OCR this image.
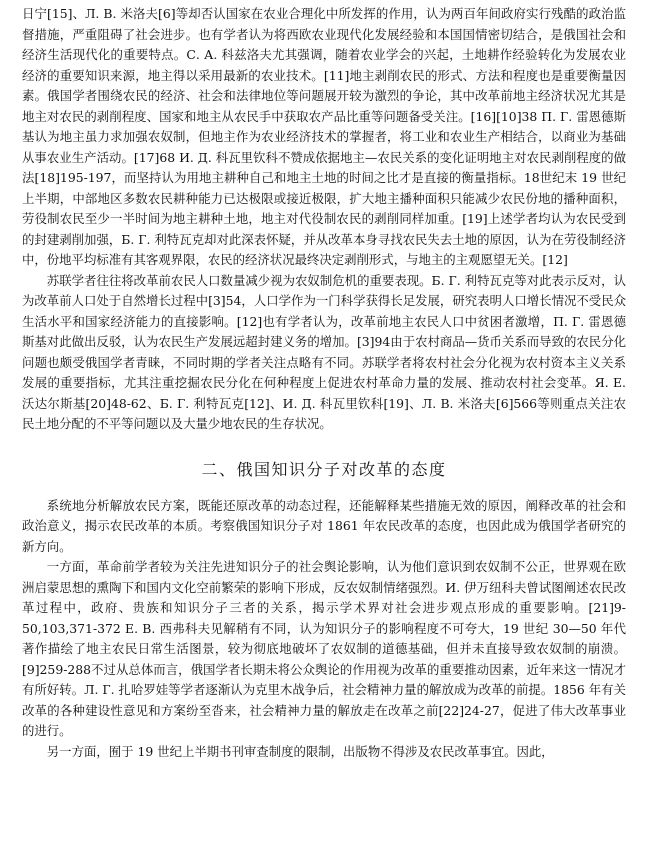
日宁[15]、Л. В. 米洛夫[6]等却否认国家在农业合理化中所发挥的作用，认为两百年间政府实行残酷的政治监督措施，严重阻碍了社会进步。也有学者认为将西欧农业现代化发展经验和本国国情密切结合，是俄国社会和经济生活现代化的重要特点。С. А. 科兹洛夫尤其强调，随着农业学会的兴起，土地耕作经验转化为发展农业经济的重要知识来源，地主得以采用最新的农业技术。[11]地主剥削农民的形式、方法和程度也是重要衡量因素。俄国学者围绕农民的经济、社会和法律地位等问题展开较为激烈的争论，其中改革前地主经济状况尤其是地主对农民的剥削程度、国家和地主从农民手中获取农产品比重等问题备受关注。[16][10]38 П. Г. 雷恩德斯基认为地主虽力求加强农奴制，但地主作为农业经济技术的掌握者，将工业和农业生产相结合，以商业为基础从事农业生产活动。[17]68 И. Д. 科瓦里钦科不赞成依据地主—农民关系的变化证明地主对农民剥削程度的做法[18]195-197，而坚持认为用地主耕种自己和地主土地的时间之比才是直接的衡量指标。18世纪末 19 世纪上半期，中部地区多数农民耕种能力已达极限或接近极限，扩大地主播种面积只能减少农民份地的播种面积，劳役制农民至少一半时间为地主耕种土地，地主对代役制农民的剥削同样加重。[19]上述学者均认为农民受到的封建剥削加强，Б. Г. 利特瓦克却对此深表怀疑，并从改革本身寻找农民失去土地的原因，认为在劳役制经济中，份地平均标准有其客观界限，农民的经济状况最终决定剥削形式，与地主的主观愿望无关。[12]

苏联学者往往将改革前农民人口数量减少视为农奴制危机的重要表现。Б. Г. 利特瓦克等对此表示反对，认为改革前人口处于自然增长过程中[3]54，人口学作为一门科学获得长足发展，研究表明人口增长情况不受民众生活水平和国家经济能力的直接影响。[12]也有学者认为，改革前地主农民人口中贫困者激增，П. Г. 雷恩德斯基对此做出反驳，认为农民生产发展远超封建义务的增加。[3]94由于农村商品—货币关系而导致的农民分化问题也颇受俄国学者青睐，不同时期的学者关注点略有不同。苏联学者将农村社会分化视为农村资本主义关系发展的重要指标，尤其注重挖掘农民分化在何种程度上促进农村革命力量的发展、推动农村社会变革。Я. Е. 沃达尔斯基[20]48-62、Б. Г. 利特瓦克[12]、И. Д. 科瓦里钦科[19]、Л. В. 米洛夫[6]566等则重点关注农民土地分配的不平等问题以及大量少地农民的生存状况。

二、俄国知识分子对改革的态度

系统地分析解放农民方案，既能还原改革的动态过程，还能解释某些措施无效的原因，阐释改革的社会和政治意义，揭示农民改革的本质。考察俄国知识分子对 1861 年农民改革的态度，也因此成为俄国学者研究的新方向。

一方面，革命前学者较为关注先进知识分子的社会舆论影响，认为他们意识到农奴制不公正，世界观在欧洲启蒙思想的熏陶下和国内文化空前繁荣的影响下形成，反农奴制情绪强烈。И. 伊万纽科夫曾试图阐述农民改革过程中，政府、贵族和知识分子三者的关系，揭示学术界对社会进步观点形成的重要影响。[21]9-50,103,371-372 Е. В. 西弗科夫见解稍有不同，认为知识分子的影响程度不可夸大，19 世纪 30—50 年代著作描绘了地主农民日常生活图景，较为彻底地破坏了农奴制的道德基础，但并未直接导致农奴制的崩溃。[9]259-288不过从总体而言，俄国学者长期未将公众舆论的作用视为改革的重要推动因素，近年来这一情况才有所好转。Л. Г. 扎哈罗娃等学者逐渐认为克里木战争后，社会精神力量的解放成为改革的前提。1856 年有关改革的各种建设性意见和方案纷至沓来，社会精神力量的解放走在改革之前[22]24-27，促进了伟大改革事业的进行。

另一方面，囿于 19 世纪上半期书刊审查制度的限制，出版物不得涉及农民改革事宜。因此，
